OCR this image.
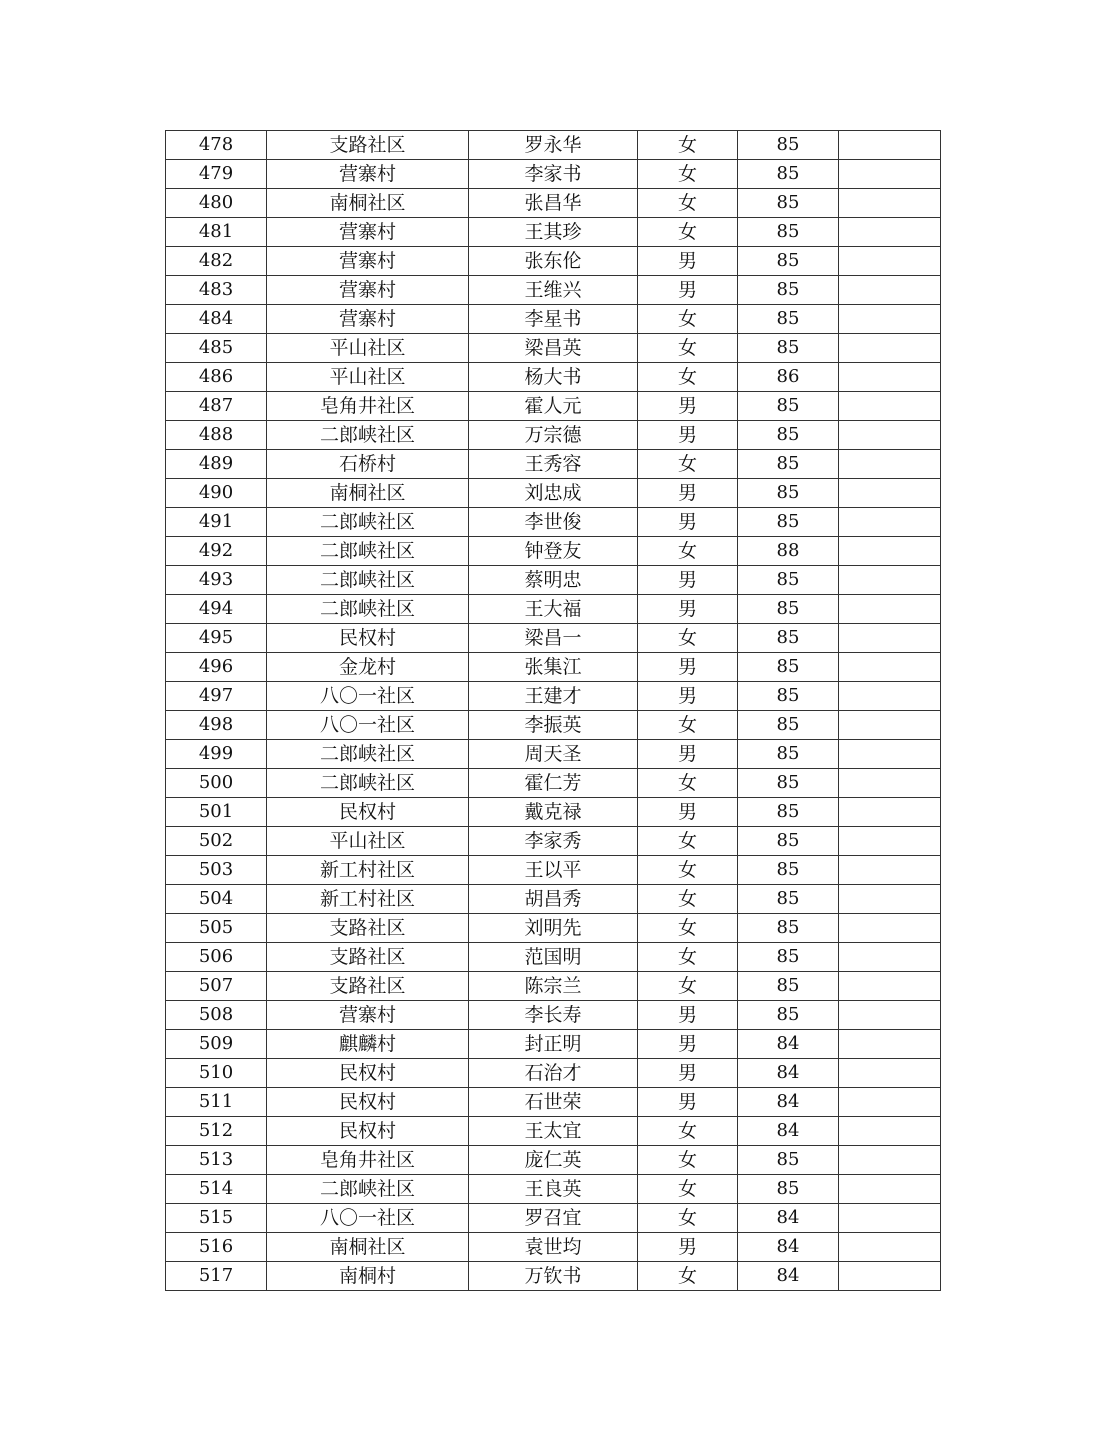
478	支路社区	罗永华	女	85	
479	营寨村	李家书	女	85	
480	南桐社区	张昌华	女	85	
481	营寨村	王其珍	女	85	
482	营寨村	张东伦	男	85	
483	营寨村	王维兴	男	85	
484	营寨村	李星书	女	85	
485	平山社区	梁昌英	女	85	
486	平山社区	杨大书	女	86	
487	皂角井社区	霍人元	男	85	
488	二郎峡社区	万宗德	男	85	
489	石桥村	王秀容	女	85	
490	南桐社区	刘忠成	男	85	
491	二郎峡社区	李世俊	男	85	
492	二郎峡社区	钟登友	女	88	
493	二郎峡社区	蔡明忠	男	85	
494	二郎峡社区	王大福	男	85	
495	民权村	梁昌一	女	85	
496	金龙村	张集江	男	85	
497	八〇一社区	王建才	男	85	
498	八〇一社区	李振英	女	85	
499	二郎峡社区	周天圣	男	85	
500	二郎峡社区	霍仁芳	女	85	
501	民权村	戴克禄	男	85	
502	平山社区	李家秀	女	85	
503	新工村社区	王以平	女	85	
504	新工村社区	胡昌秀	女	85	
505	支路社区	刘明先	女	85	
506	支路社区	范国明	女	85	
507	支路社区	陈宗兰	女	85	
508	营寨村	李长寿	男	85	
509	麒麟村	封正明	男	84	
510	民权村	石治才	男	84	
511	民权村	石世荣	男	84	
512	民权村	王太宜	女	84	
513	皂角井社区	庞仁英	女	85	
514	二郎峡社区	王良英	女	85	
515	八〇一社区	罗召宜	女	84	
516	南桐社区	袁世均	男	84	
517	南桐村	万钦书	女	84	
